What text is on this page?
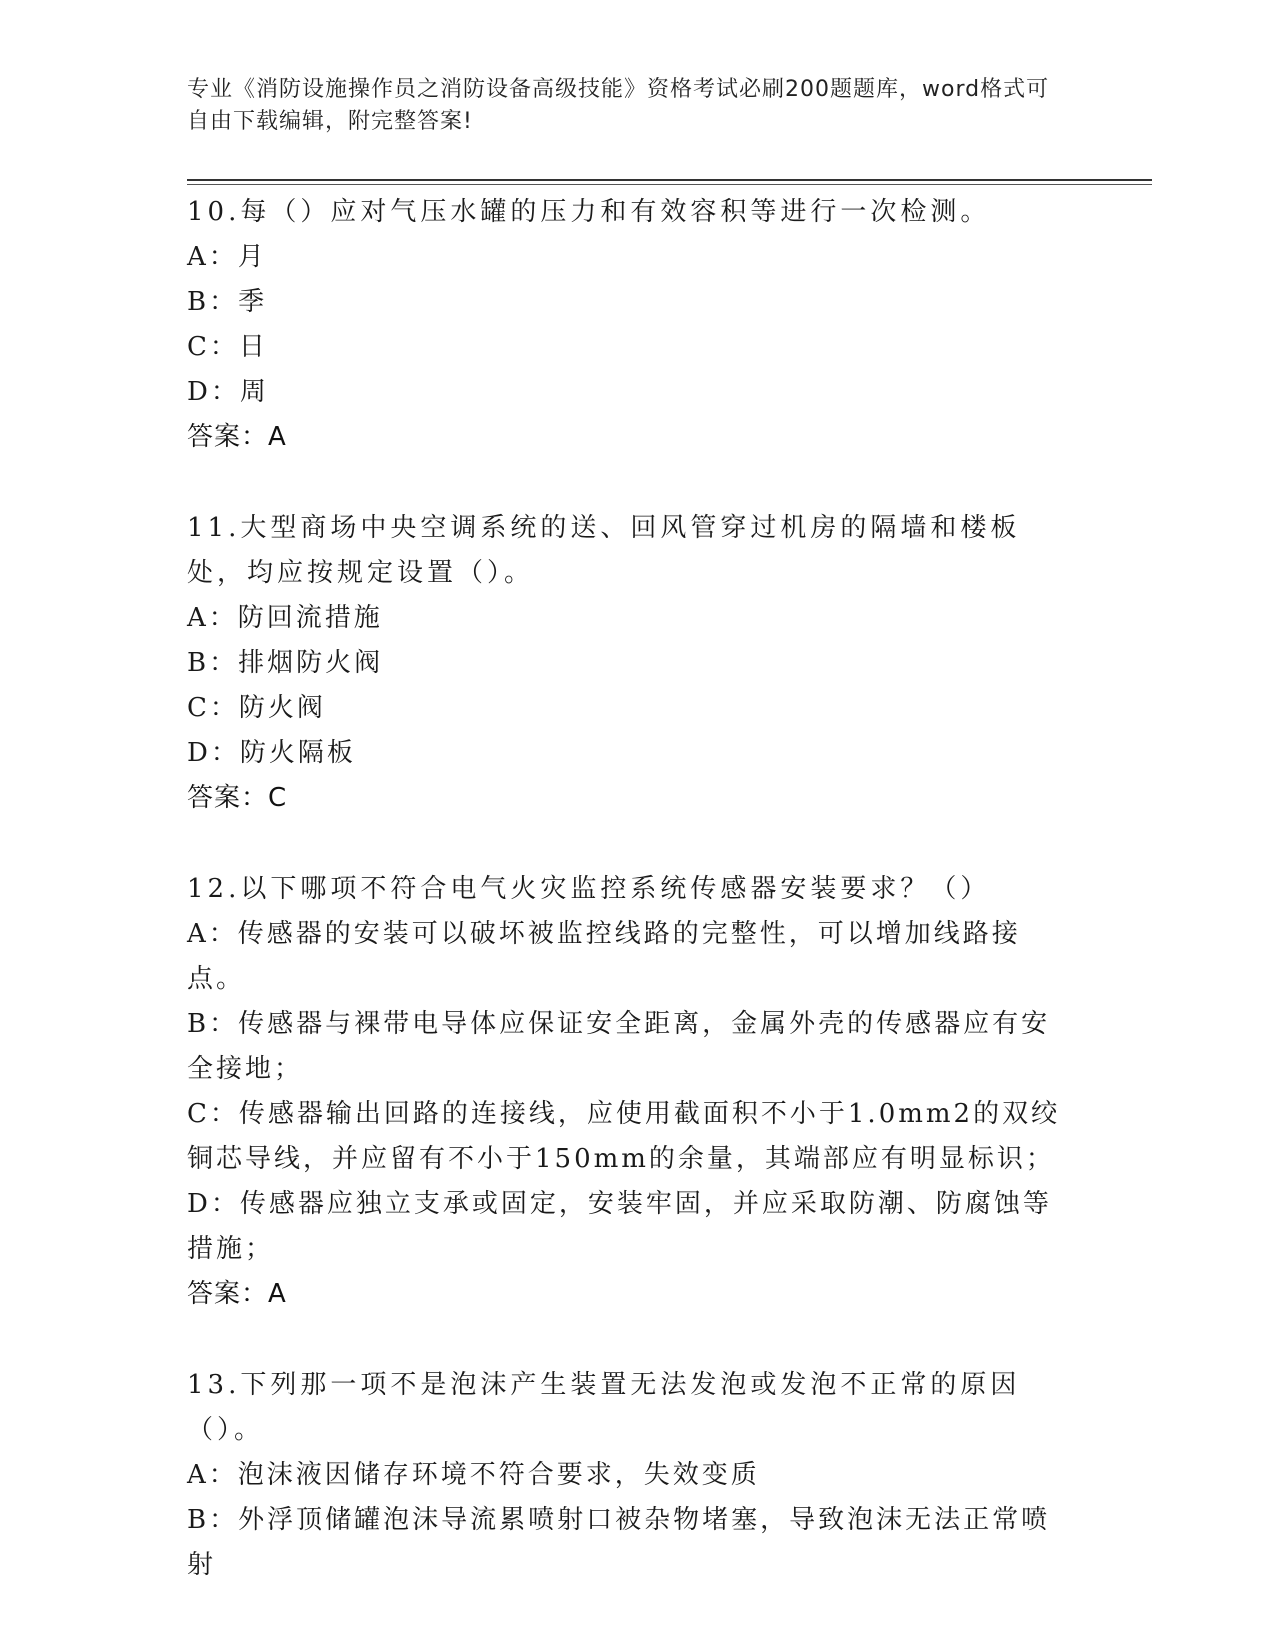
专业《消防设施操作员之消防设备高级技能》资格考试必刷200题题库，word格式可自由下载编辑，附完整答案!
10.每（）应对气压水罐的压力和有效容积等进行一次检测。
A：月
B：季
C：日
D：周
答案：A
11.大型商场中央空调系统的送、回风管穿过机房的隔墙和楼板处，均应按规定设置（）。
A：防回流措施
B：排烟防火阀
C：防火阀
D：防火隔板
答案：C
12.以下哪项不符合电气火灾监控系统传感器安装要求？（）
A：传感器的安装可以破坏被监控线路的完整性，可以增加线路接点。
B：传感器与裸带电导体应保证安全距离，金属外壳的传感器应有安全接地；
C：传感器输出回路的连接线，应使用截面积不小于1.0mm2的双绞铜芯导线，并应留有不小于150mm的余量，其端部应有明显标识；
D：传感器应独立支承或固定，安装牢固，并应采取防潮、防腐蚀等措施；
答案：A
13.下列那一项不是泡沫产生装置无法发泡或发泡不正常的原因（）。
A：泡沫液因储存环境不符合要求，失效变质
B：外浮顶储罐泡沫导流累喷射口被杂物堵塞，导致泡沫无法正常喷射
